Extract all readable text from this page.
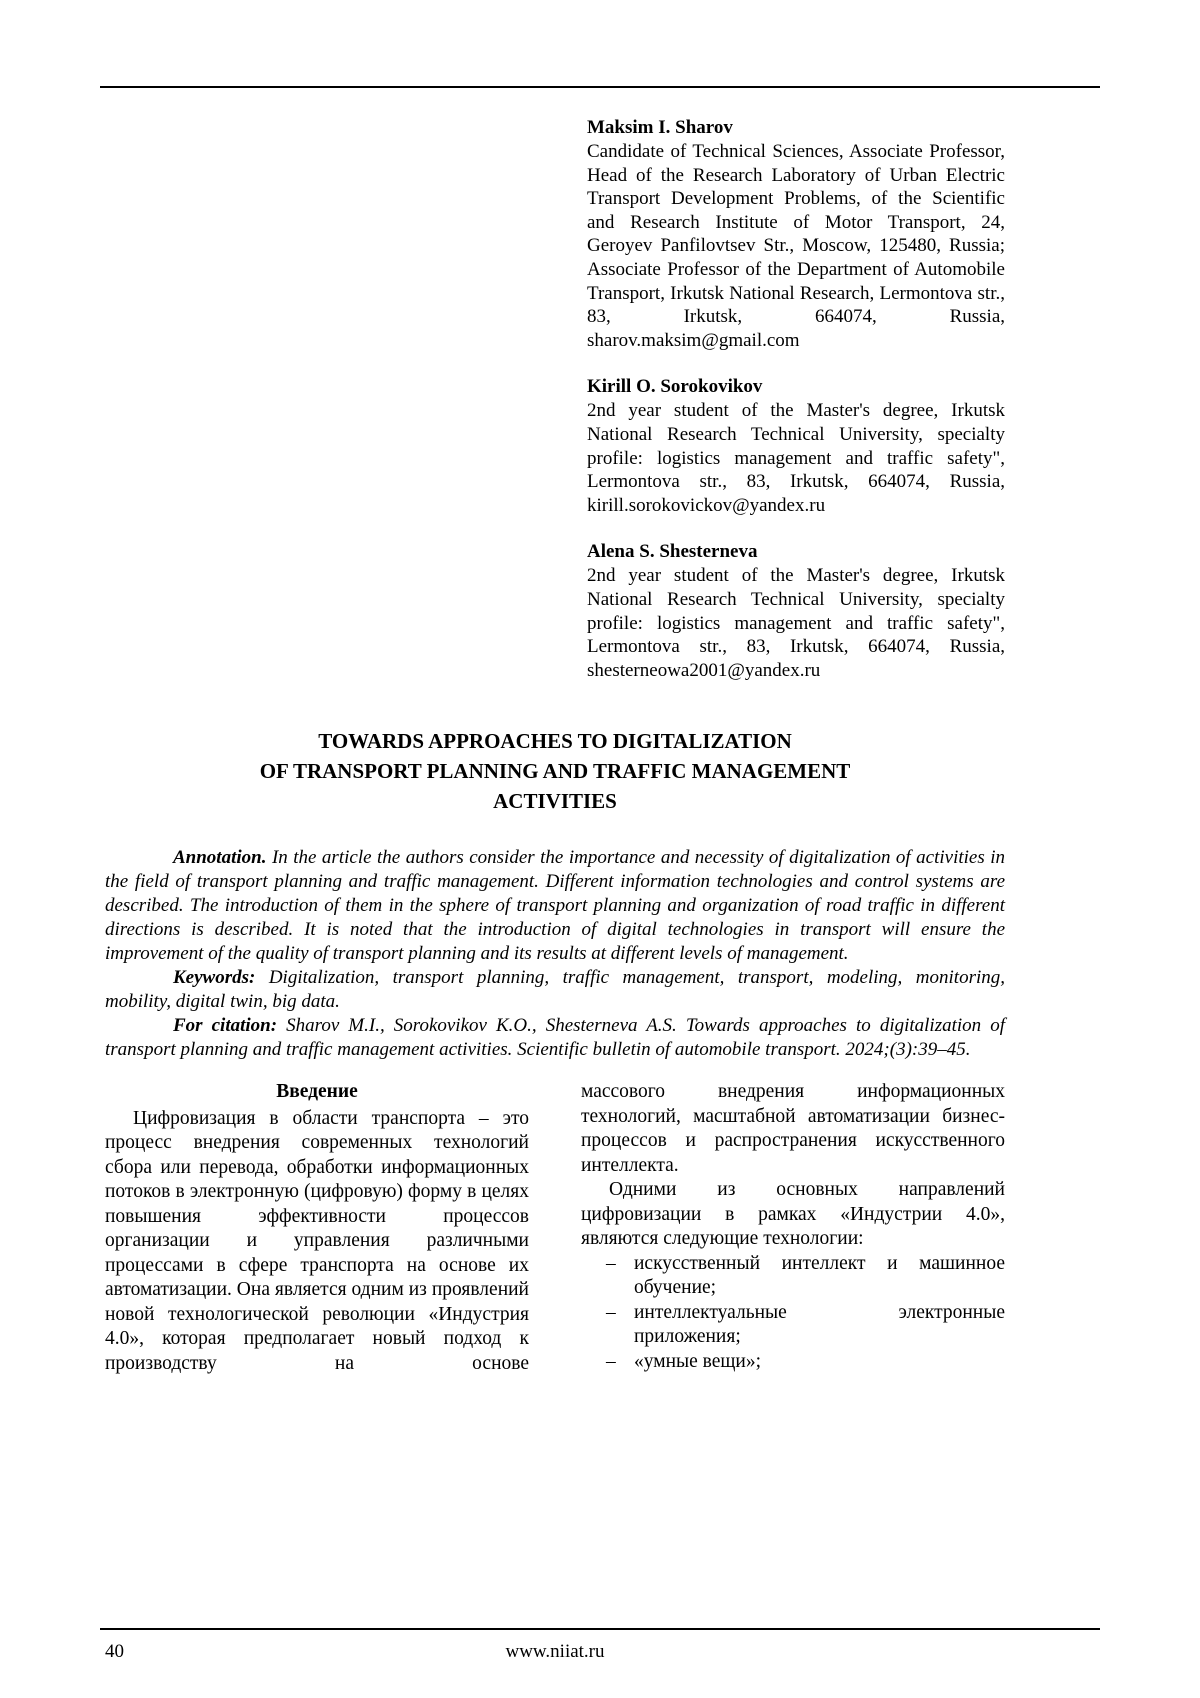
Maksim I. Sharov
Candidate of Technical Sciences, Associate Professor, Head of the Research Laboratory of Urban Electric Transport Development Problems, of the Scientific and Research Institute of Motor Transport, 24, Geroyev Panfilovtsev Str., Moscow, 125480, Russia; Associate Professor of the Department of Automobile Transport, Irkutsk National Research, Lermontova str., 83, Irkutsk, 664074, Russia, sharov.maksim@gmail.com
Kirill O. Sorokovikov
2nd year student of the Master's degree, Irkutsk National Research Technical University, specialty profile: logistics management and traffic safety", Lermontova str., 83, Irkutsk, 664074, Russia, kirill.sorokovickov@yandex.ru
Alena S. Shesterneva
2nd year student of the Master's degree, Irkutsk National Research Technical University, specialty profile: logistics management and traffic safety", Lermontova str., 83, Irkutsk, 664074, Russia, shesterneowa2001@yandex.ru
TOWARDS APPROACHES TO DIGITALIZATION
OF TRANSPORT PLANNING AND TRAFFIC MANAGEMENT
ACTIVITIES

Annotation. In the article the authors consider the importance and necessity of digitalization of activities in the field of transport planning and traffic management. Different information technologies and control systems are described. The introduction of them in the sphere of transport planning and organization of road traffic in different directions is described. It is noted that the introduction of digital technologies in transport will ensure the improvement of the quality of transport planning and its results at different levels of management.

Keywords: Digitalization, transport planning, traffic management, transport, modeling, monitoring, mobility, digital twin, big data.

For citation: Sharov M.I., Sorokovikov K.O., Shesterneva A.S. Towards approaches to digitalization of transport planning and traffic management activities. Scientific bulletin of automobile transport. 2024;(3):39–45.

Введение

Цифровизация в области транспорта – это процесс внедрения современных технологий сбора или перевода, обработки информационных потоков в электронную (цифровую) форму в целях повышения эффективности процессов организации и управления различными процессами в сфере транспорта на основе их автоматизации. Она является одним из проявлений новой технологической революции «Индустрия 4.0», которая предполагает новый подход к производству на основе

массового внедрения информационных технологий, масштабной автоматизации бизнес-процессов и распространения искусственного интеллекта.

Одними из основных направлений цифровизации в рамках «Индустрии 4.0», являются следующие технологии:

– искусственный интеллект и машинное обучение;
– интеллектуальные электронные приложения;
– «умные вещи»;
40	www.niiat.ru
